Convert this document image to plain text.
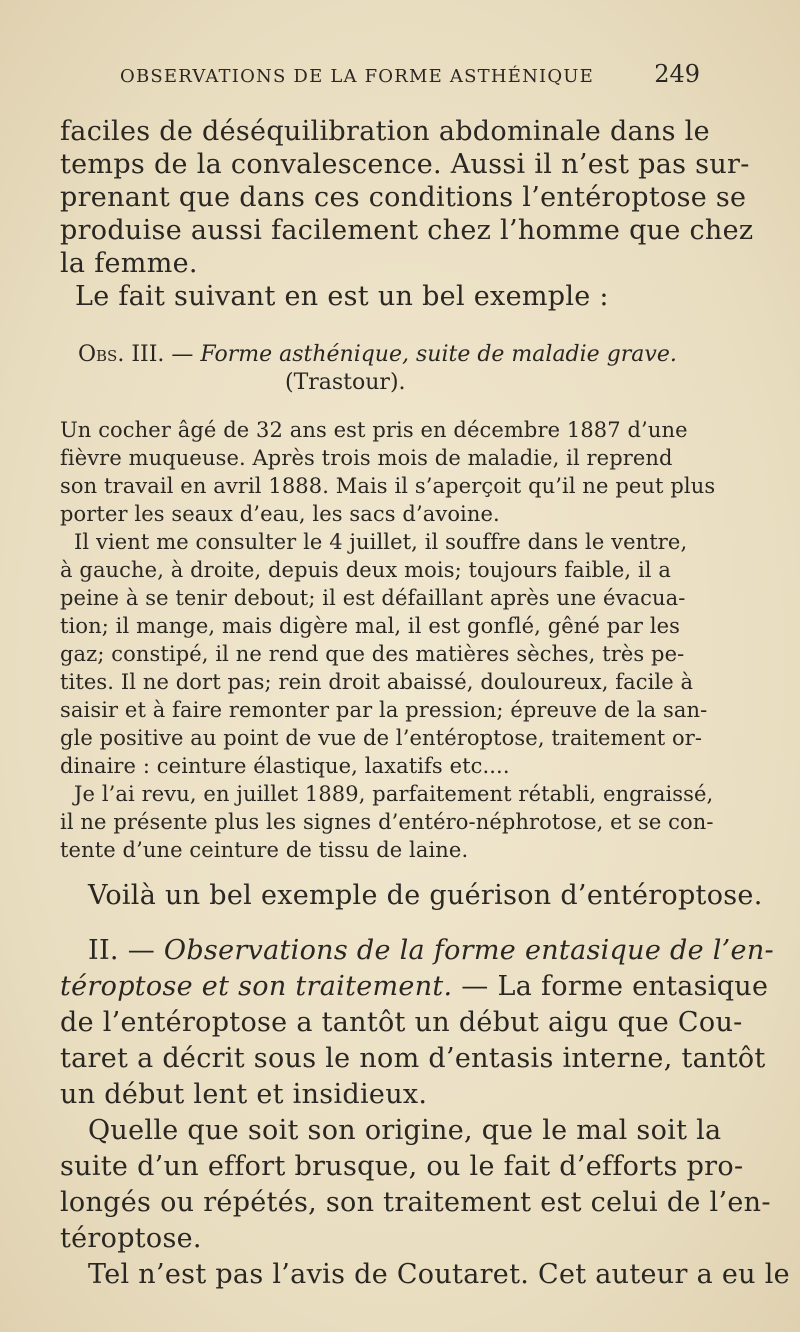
OBSERVATIONS DE LA FORME ASTHÉNIQUE	249

faciles de déséquilibration abdominale dans le

temps de la convalescence. Aussi il n’est pas sur-

prenant que dans ces conditions l’entéroptose se

produise aussi facilement chez l’homme que chez

la femme.

Le fait suivant en est un bel exemple :

Obs. III. — Forme asthénique, suite de maladie grave.

(Trastour).

Un cocher âgé de 32 ans est pris en décembre 1887 d’une

fièvre muqueuse. Après trois mois de maladie, il reprend

son travail en avril 1888. Mais il s’aperçoit qu’il ne peut plus

porter les seaux d’eau, les sacs d’avoine.

Il vient me consulter le 4 juillet, il souffre dans le ventre,

à gauche, à droite, depuis deux mois; toujours faible, il a

peine à se tenir debout; il est défaillant après une évacua-

tion; il mange, mais digère mal, il est gonflé, gêné par les

gaz; constipé, il ne rend que des matières sèches, très pe-

tites. Il ne dort pas; rein droit abaissé, douloureux, facile à

saisir et à faire remonter par la pression; épreuve de la san-

gle positive au point de vue de l’entéroptose, traitement or-

dinaire : ceinture élastique, laxatifs etc....

Je l’ai revu, en juillet 1889, parfaitement rétabli, engraissé,

il ne présente plus les signes d’entéro-néphrotose, et se con-

tente d’une ceinture de tissu de laine.

Voilà un bel exemple de guérison d’entéroptose.

II. — Observations de la forme entasique de l’en-

téroptose et son traitement. — La forme entasique

de l’entéroptose a tantôt un début aigu que Cou-

taret a décrit sous le nom d’entasis interne, tantôt

un début lent et insidieux.

Quelle que soit son origine, que le mal soit la

suite d’un effort brusque, ou le fait d’efforts pro-

longés ou répétés, son traitement est celui de l’en-

téroptose.

Tel n’est pas l’avis de Coutaret. Cet auteur a eu le
